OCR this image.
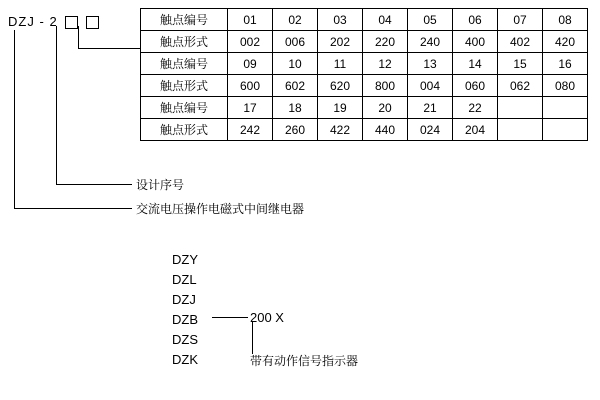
DZJ - 2	触点编号	01	02	03	04	05	06	07	08
触点形式	002	006	202	220	240	400	402	420
触点编号	09	10	11	12	13	14	15	16
触点形式	600	602	620	800	004	060	062	080
触点编号	17	18	19	20	21	22		
触点形式	242	260	422	440	024	204		
设计序号
交流电压操作电磁式中间继电器
DZY
DZL
DZJ
DZB
DZS
DZK
200 X
带有动作信号指示器
